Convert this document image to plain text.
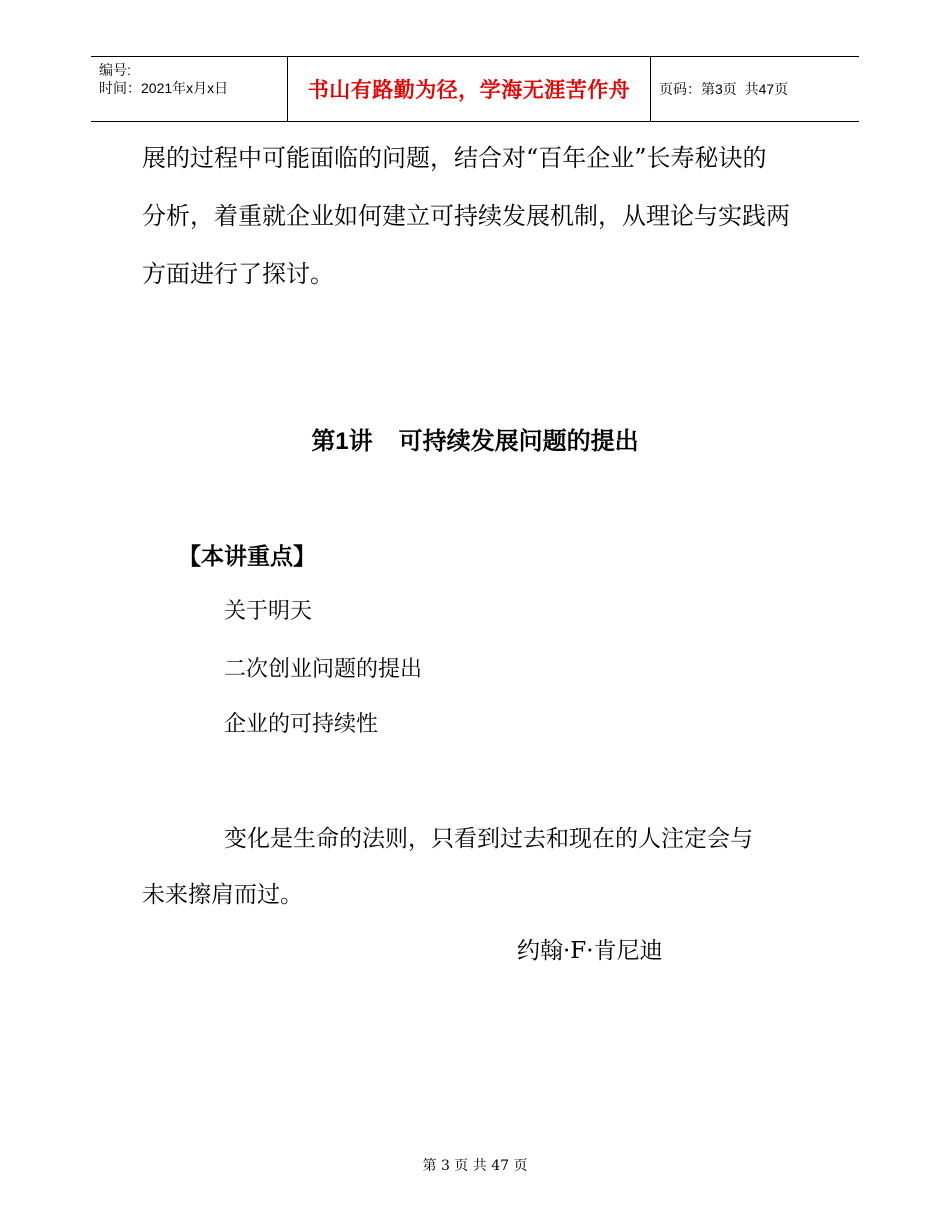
编号:
时间：2021年x月x日	书山有路勤为径，学海无涯苦作舟	页码：第3页  共47页
展的过程中可能面临的问题，结合对“百年企业”长寿秘诀的
分析，着重就企业如何建立可持续发展机制，从理论与实践两
方面进行了探讨。
第1讲 可持续发展问题的提出
【本讲重点】
关于明天
二次创业问题的提出
企业的可持续性
变化是生命的法则，只看到过去和现在的人注定会与
未来擦肩而过。
约翰·F·肯尼迪
第 3 页 共 47 页
